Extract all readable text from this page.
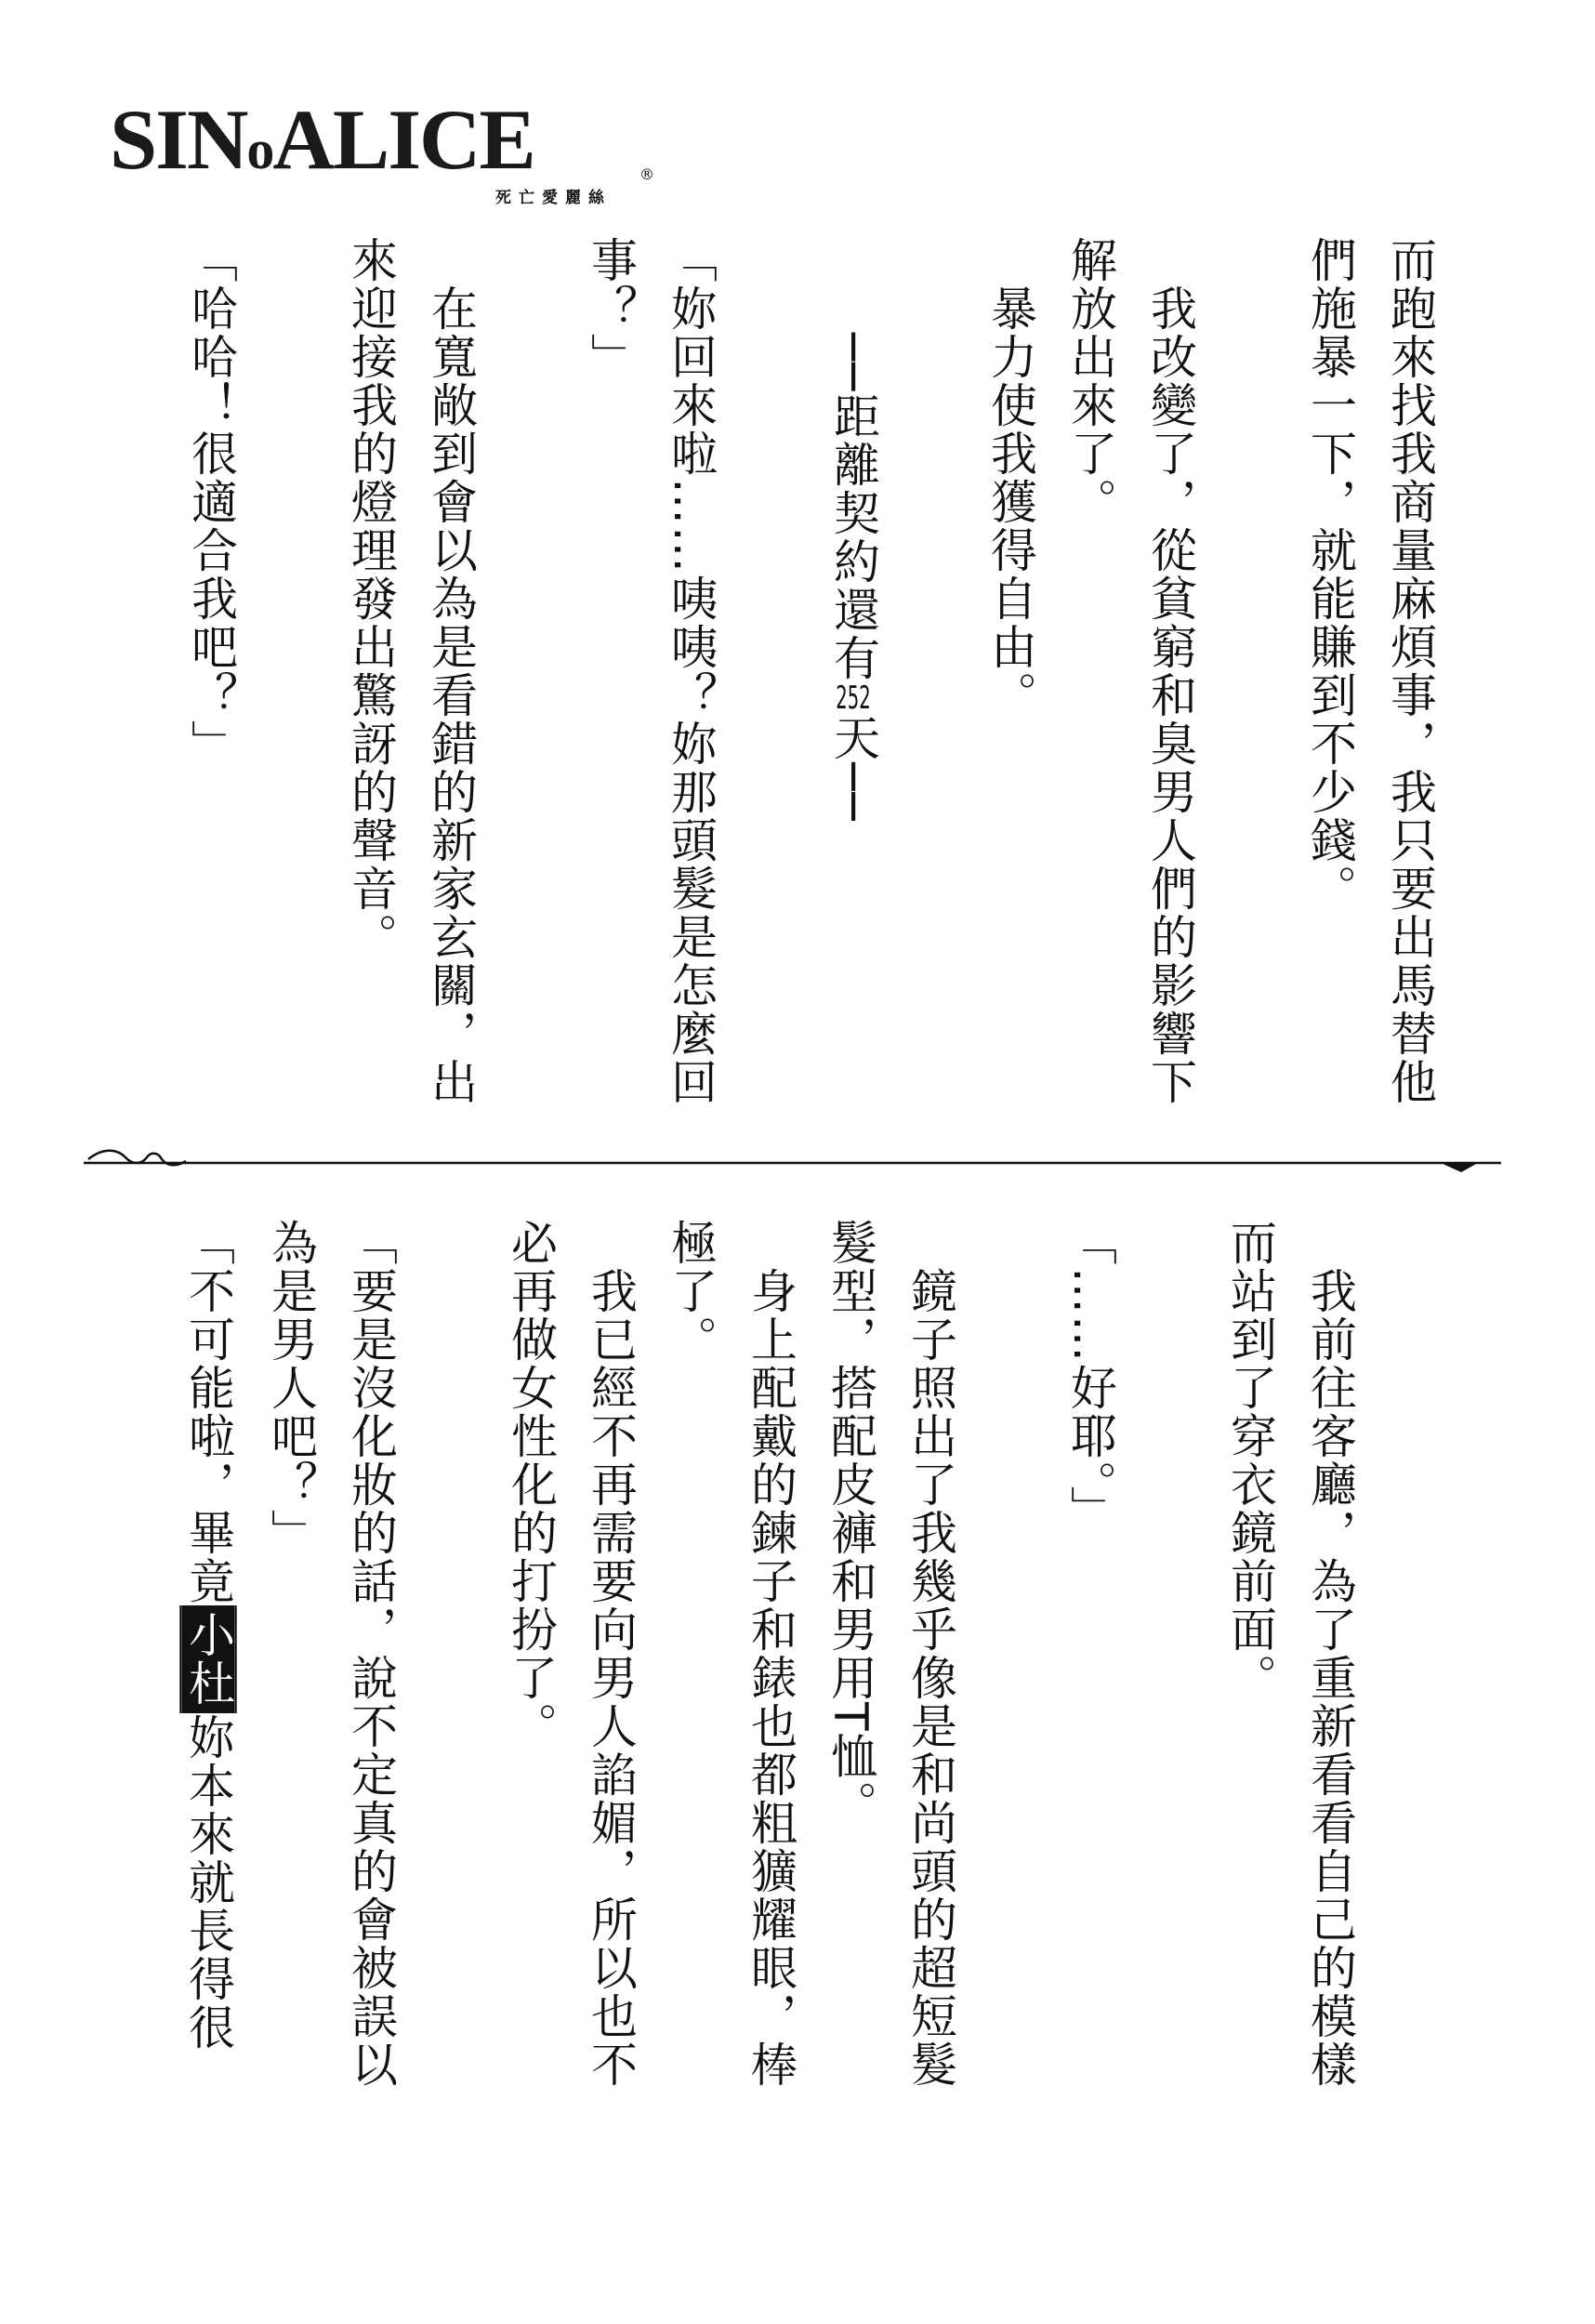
SINoALICE	®
死亡愛麗絲
而跑來找我商量麻煩事，我只要出馬替他
們施暴一下，就能賺到不少錢。
　我改變了，從貧窮和臭男人們的影響下
解放出來了。
　暴力使我獲得自由。
　　──距離契約還有252天──
「妳回來啦……咦咦？妳那頭髮是怎麼回
事？」
　在寬敞到會以為是看錯的新家玄關，出
來迎接我的燈理發出驚訝的聲音。
「哈哈！很適合我吧？」
　我前往客廳，為了重新看看自己的模樣
而站到了穿衣鏡前面。
「……好耶。」
　鏡子照出了我幾乎像是和尚頭的超短髮
髮型，搭配皮褲和男用T恤。
　身上配戴的鍊子和錶也都粗獷耀眼，棒
極了。
　我已經不再需要向男人諂媚，所以也不
必再做女性化的打扮了。
「要是沒化妝的話，說不定真的會被誤以
為是男人吧？」
「不可能啦，畢竟小杜妳本來就長得很
